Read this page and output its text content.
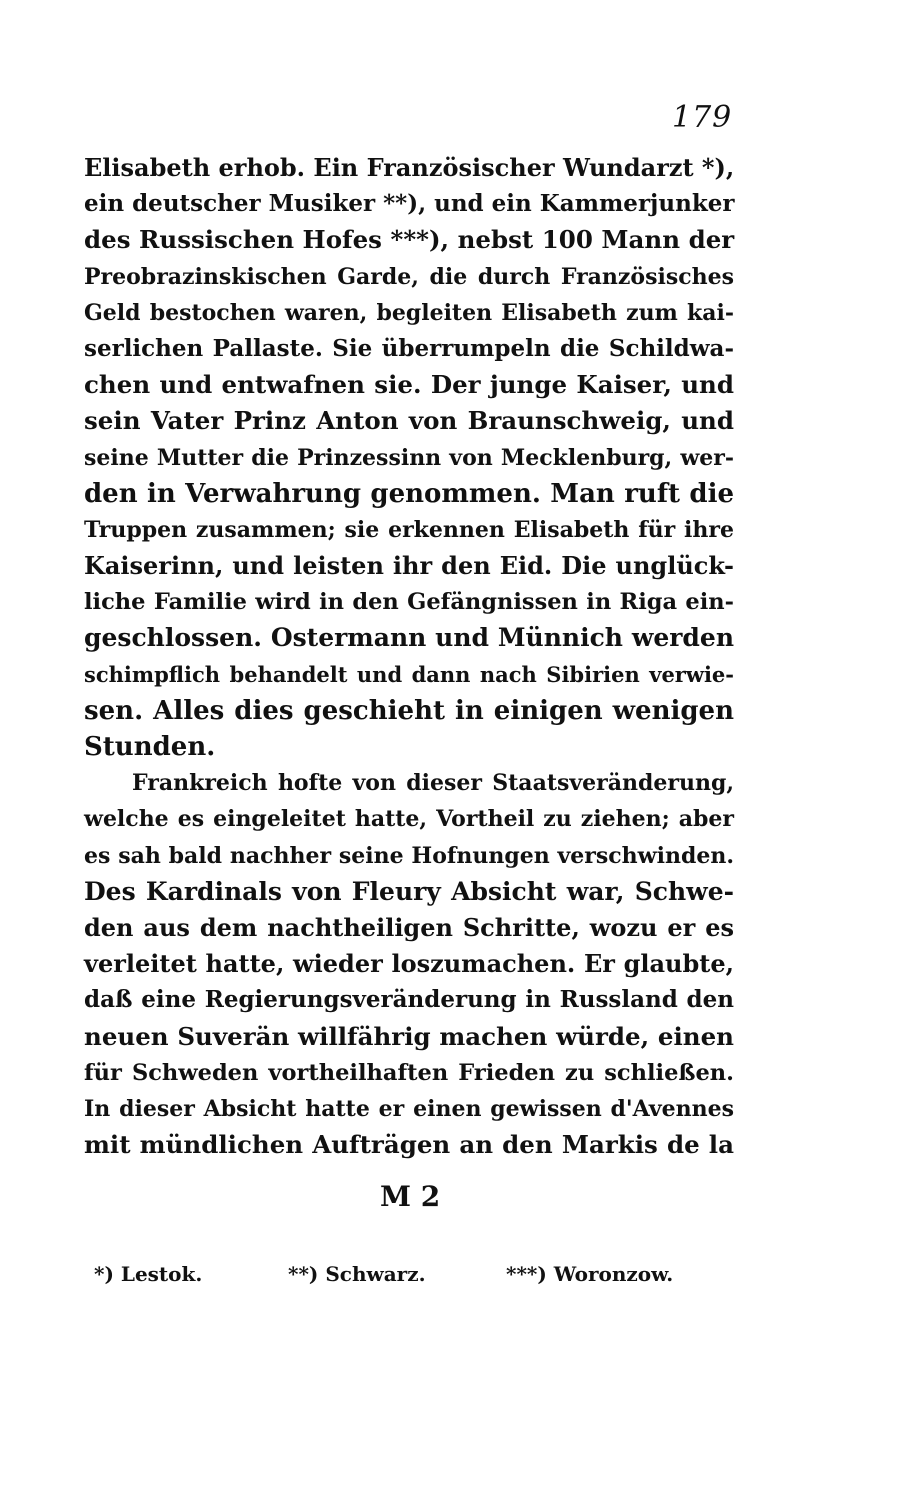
179
Elisabeth erhob. Ein Französischer Wundarzt *),
ein deutscher Musiker **), und ein Kammerjunker
des Russischen Hofes ***), nebst 100 Mann der
Preobrazinskischen Garde, die durch Französisches
Geld bestochen waren, begleiten Elisabeth zum kai-
serlichen Pallaste. Sie überrumpeln die Schildwa-
chen und entwafnen sie. Der junge Kaiser, und
sein Vater Prinz Anton von Braunschweig, und
seine Mutter die Prinzessinn von Mecklenburg, wer-
den in Verwahrung genommen. Man ruft die
Truppen zusammen; sie erkennen Elisabeth für ihre
Kaiserinn, und leisten ihr den Eid. Die unglück-
liche Familie wird in den Gefängnissen in Riga ein-
geschlossen. Ostermann und Münnich werden
schimpflich behandelt und dann nach Sibirien verwie-
sen. Alles dies geschieht in einigen wenigen
Stunden.
Frankreich hofte von dieser Staatsveränderung,
welche es eingeleitet hatte, Vortheil zu ziehen; aber
es sah bald nachher seine Hofnungen verschwinden.
Des Kardinals von Fleury Absicht war, Schwe-
den aus dem nachtheiligen Schritte, wozu er es
verleitet hatte, wieder loszumachen. Er glaubte,
daß eine Regierungsveränderung in Russland den
neuen Suverän willfährig machen würde, einen
für Schweden vortheilhaften Frieden zu schließen.
In dieser Absicht hatte er einen gewissen d'Avennes
mit mündlichen Aufträgen an den Markis de la
M 2
*) Lestok.	**) Schwarz.	***) Woronzow.
